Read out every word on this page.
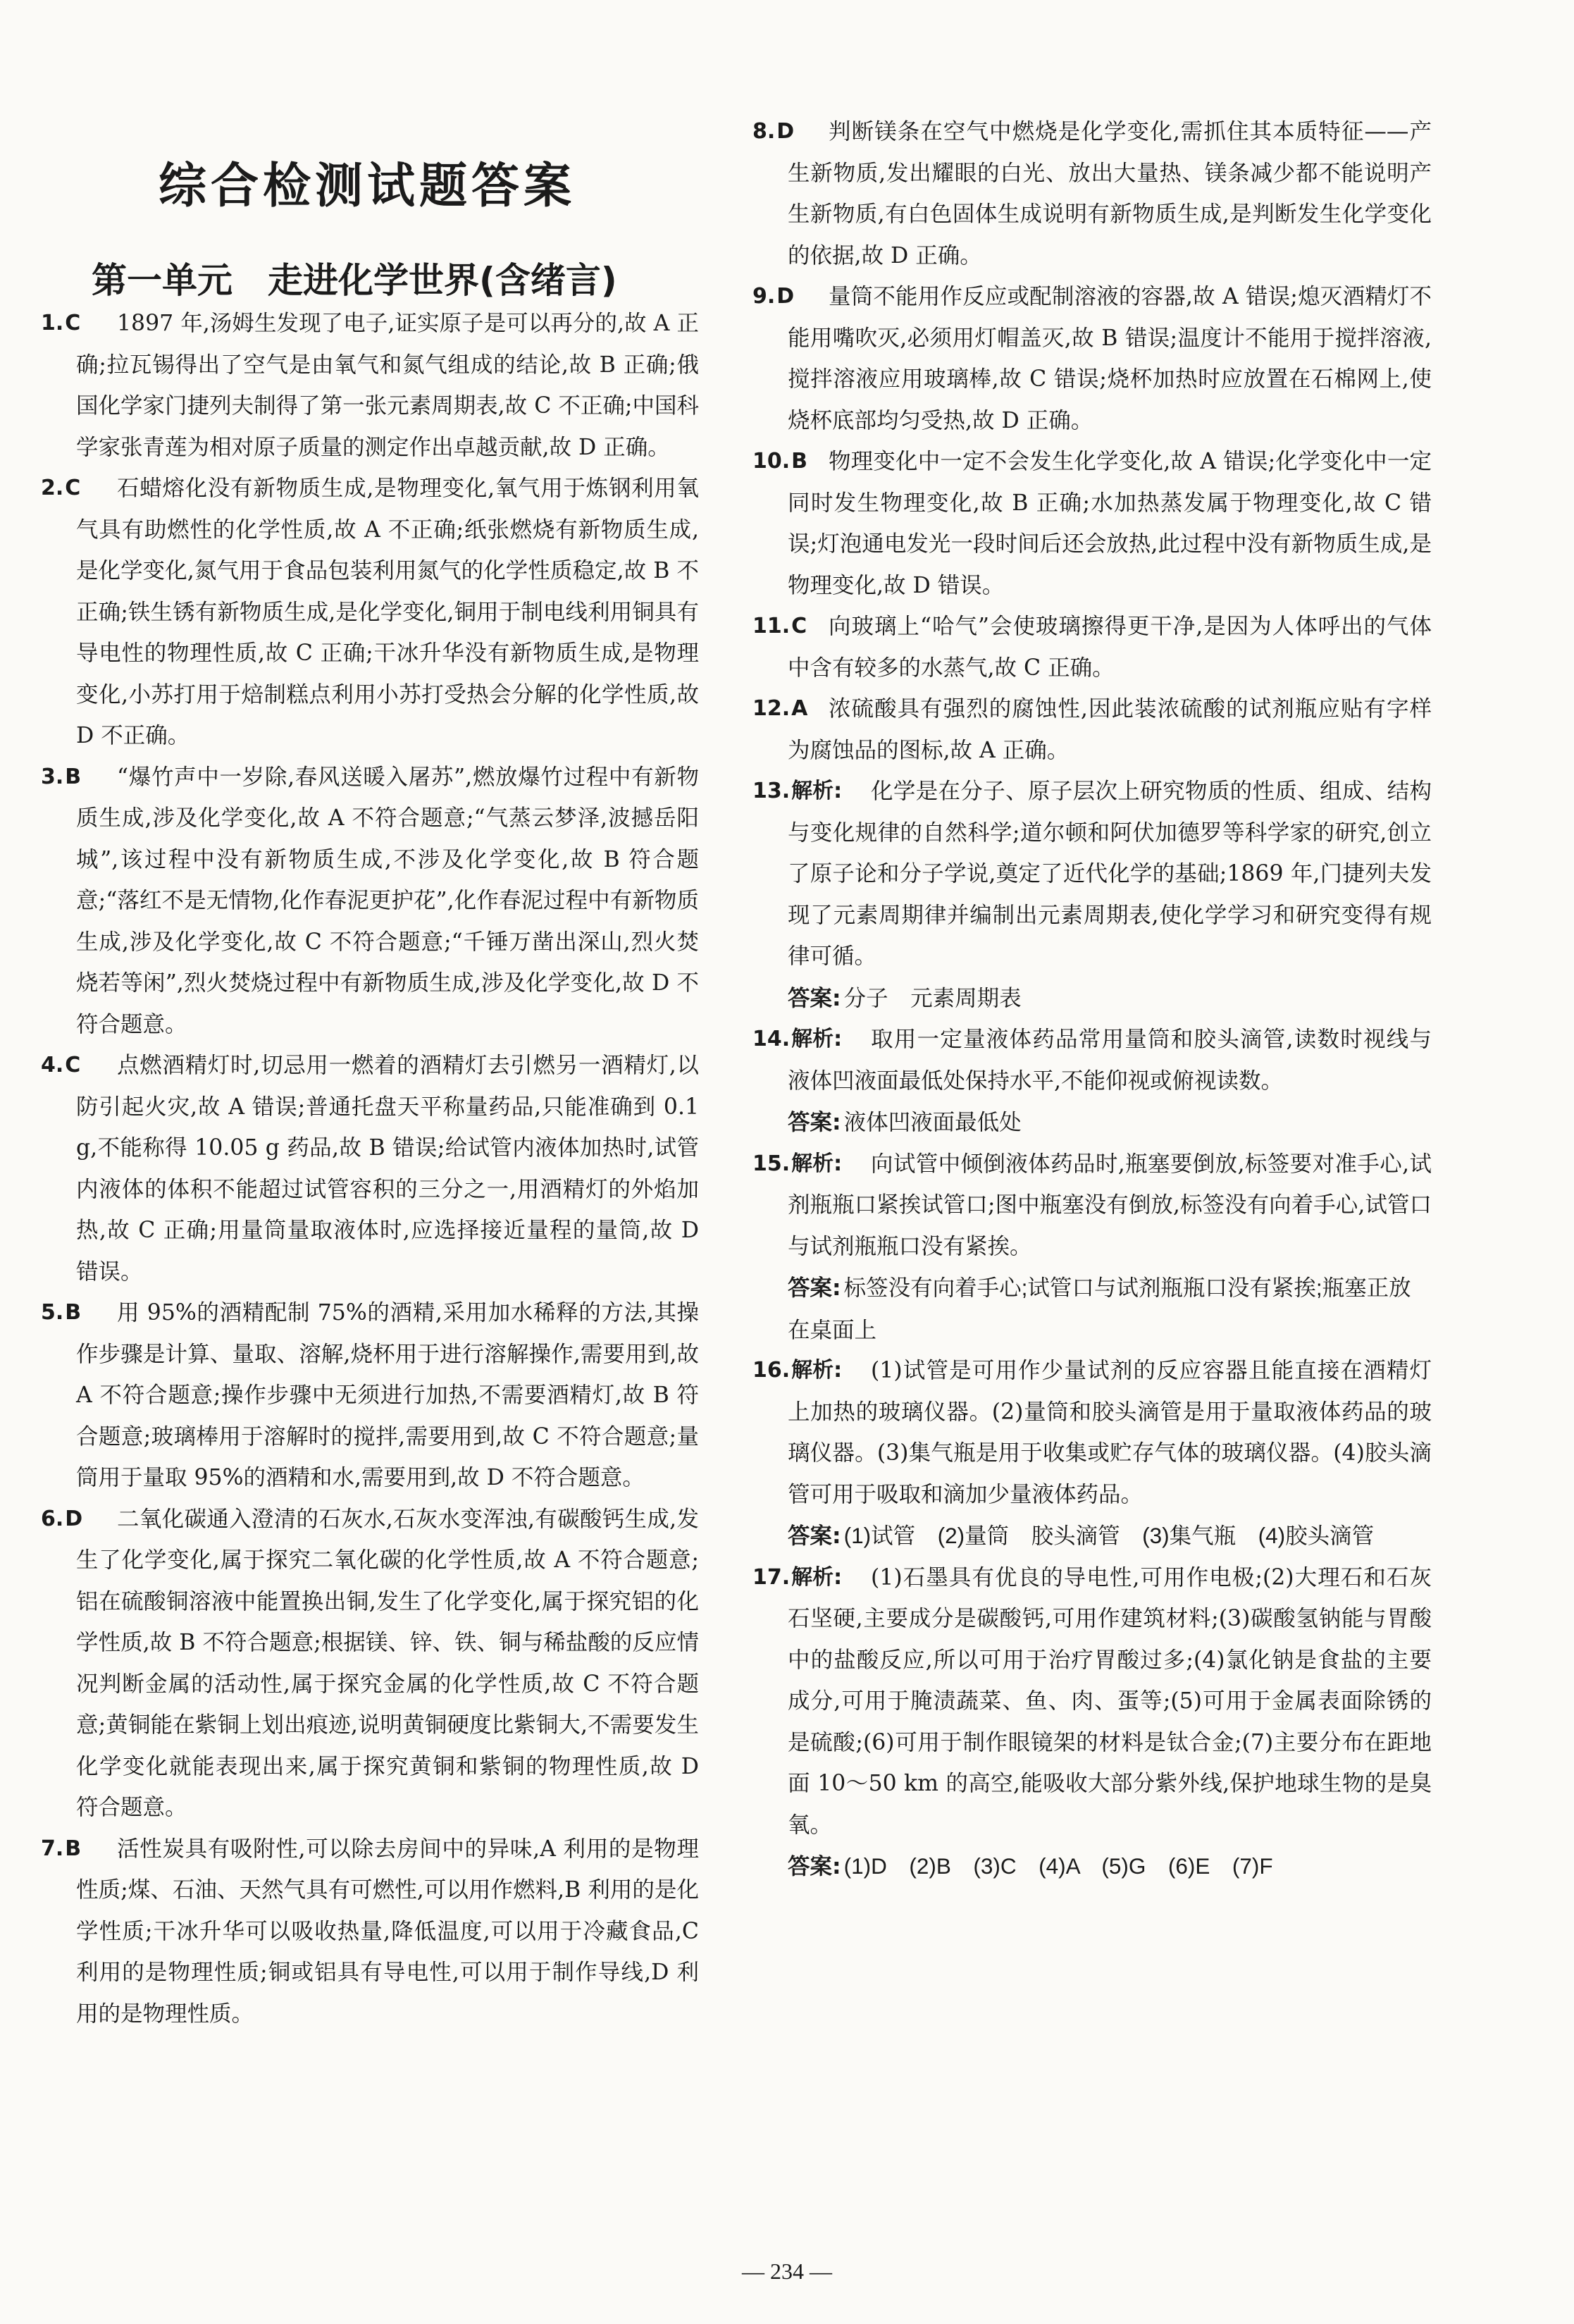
综合检测试题答案
第一单元　走进化学世界(含绪言)
1.C	1897 年,汤姆生发现了电子,证实原子是可以再分的,故 A 正确;拉瓦锡得出了空气是由氧气和氮气组成的结论,故 B 正确;俄国化学家门捷列夫制得了第一张元素周期表,故 C 不正确;中国科学家张青莲为相对原子质量的测定作出卓越贡献,故 D 正确。
2.C	石蜡熔化没有新物质生成,是物理变化,氧气用于炼钢利用氧气具有助燃性的化学性质,故 A 不正确;纸张燃烧有新物质生成,是化学变化,氮气用于食品包装利用氮气的化学性质稳定,故 B 不正确;铁生锈有新物质生成,是化学变化,铜用于制电线利用铜具有导电性的物理性质,故 C 正确;干冰升华没有新物质生成,是物理变化,小苏打用于焙制糕点利用小苏打受热会分解的化学性质,故 D 不正确。
3.B	“爆竹声中一岁除,春风送暖入屠苏”,燃放爆竹过程中有新物质生成,涉及化学变化,故 A 不符合题意;“气蒸云梦泽,波撼岳阳城”,该过程中没有新物质生成,不涉及化学变化,故 B 符合题意;“落红不是无情物,化作春泥更护花”,化作春泥过程中有新物质生成,涉及化学变化,故 C 不符合题意;“千锤万凿出深山,烈火焚烧若等闲”,烈火焚烧过程中有新物质生成,涉及化学变化,故 D 不符合题意。
4.C	点燃酒精灯时,切忌用一燃着的酒精灯去引燃另一酒精灯,以防引起火灾,故 A 错误;普通托盘天平称量药品,只能准确到 0.1 g,不能称得 10.05 g 药品,故 B 错误;给试管内液体加热时,试管内液体的体积不能超过试管容积的三分之一,用酒精灯的外焰加热,故 C 正确;用量筒量取液体时,应选择接近量程的量筒,故 D 错误。
5.B	用 95%的酒精配制 75%的酒精,采用加水稀释的方法,其操作步骤是计算、量取、溶解,烧杯用于进行溶解操作,需要用到,故 A 不符合题意;操作步骤中无须进行加热,不需要酒精灯,故 B 符合题意;玻璃棒用于溶解时的搅拌,需要用到,故 C 不符合题意;量筒用于量取 95%的酒精和水,需要用到,故 D 不符合题意。
6.D	二氧化碳通入澄清的石灰水,石灰水变浑浊,有碳酸钙生成,发生了化学变化,属于探究二氧化碳的化学性质,故 A 不符合题意;铝在硫酸铜溶液中能置换出铜,发生了化学变化,属于探究铝的化学性质,故 B 不符合题意;根据镁、锌、铁、铜与稀盐酸的反应情况判断金属的活动性,属于探究金属的化学性质,故 C 不符合题意;黄铜能在紫铜上划出痕迹,说明黄铜硬度比紫铜大,不需要发生化学变化就能表现出来,属于探究黄铜和紫铜的物理性质,故 D 符合题意。
7.B	活性炭具有吸附性,可以除去房间中的异味,A 利用的是物理性质;煤、石油、天然气具有可燃性,可以用作燃料,B 利用的是化学性质;干冰升华可以吸收热量,降低温度,可以用于冷藏食品,C 利用的是物理性质;铜或铝具有导电性,可以用于制作导线,D 利用的是物理性质。
8.D	判断镁条在空气中燃烧是化学变化,需抓住其本质特征——产生新物质,发出耀眼的白光、放出大量热、镁条减少都不能说明产生新物质,有白色固体生成说明有新物质生成,是判断发生化学变化的依据,故 D 正确。
9.D	量筒不能用作反应或配制溶液的容器,故 A 错误;熄灭酒精灯不能用嘴吹灭,必须用灯帽盖灭,故 B 错误;温度计不能用于搅拌溶液,搅拌溶液应用玻璃棒,故 C 错误;烧杯加热时应放置在石棉网上,使烧杯底部均匀受热,故 D 正确。
10.B 物理变化中一定不会发生化学变化,故 A 错误;化学变化中一定同时发生物理变化,故 B 正确;水加热蒸发属于物理变化,故 C 错误;灯泡通电发光一段时间后还会放热,此过程中没有新物质生成,是物理变化,故 D 错误。
11.C 向玻璃上“哈气”会使玻璃擦得更干净,是因为人体呼出的气体中含有较多的水蒸气,故 C 正确。
12.A 浓硫酸具有强烈的腐蚀性,因此装浓硫酸的试剂瓶应贴有字样为腐蚀品的图标,故 A 正确。
13.解析:	化学是在分子、原子层次上研究物质的性质、组成、结构与变化规律的自然科学;道尔顿和阿伏加德罗等科学家的研究,创立了原子论和分子学说,奠定了近代化学的基础;1869 年,门捷列夫发现了元素周期律并编制出元素周期表,使化学学习和研究变得有规律可循。
答案: 分子　元素周期表
14.解析:	取用一定量液体药品常用量筒和胶头滴管,读数时视线与液体凹液面最低处保持水平,不能仰视或俯视读数。
答案: 液体凹液面最低处
15.解析:	向试管中倾倒液体药品时,瓶塞要倒放,标签要对准手心,试剂瓶瓶口紧挨试管口;图中瓶塞没有倒放,标签没有向着手心,试管口与试剂瓶瓶口没有紧挨。
答案: 标签没有向着手心;试管口与试剂瓶瓶口没有紧挨;瓶塞正放在桌面上
16.解析:	(1)试管是可用作少量试剂的反应容器且能直接在酒精灯上加热的玻璃仪器。(2)量筒和胶头滴管是用于量取液体药品的玻璃仪器。(3)集气瓶是用于收集或贮存气体的玻璃仪器。(4)胶头滴管可用于吸取和滴加少量液体药品。
答案: (1)试管　(2)量筒　胶头滴管　(3)集气瓶　(4)胶头滴管
17.解析:	(1)石墨具有优良的导电性,可用作电极;(2)大理石和石灰石坚硬,主要成分是碳酸钙,可用作建筑材料;(3)碳酸氢钠能与胃酸中的盐酸反应,所以可用于治疗胃酸过多;(4)氯化钠是食盐的主要成分,可用于腌渍蔬菜、鱼、肉、蛋等;(5)可用于金属表面除锈的是硫酸;(6)可用于制作眼镜架的材料是钛合金;(7)主要分布在距地面 10～50 km 的高空,能吸收大部分紫外线,保护地球生物的是臭氧。
答案: (1)D　(2)B　(3)C　(4)A　(5)G　(6)E　(7)F
— 234 —
